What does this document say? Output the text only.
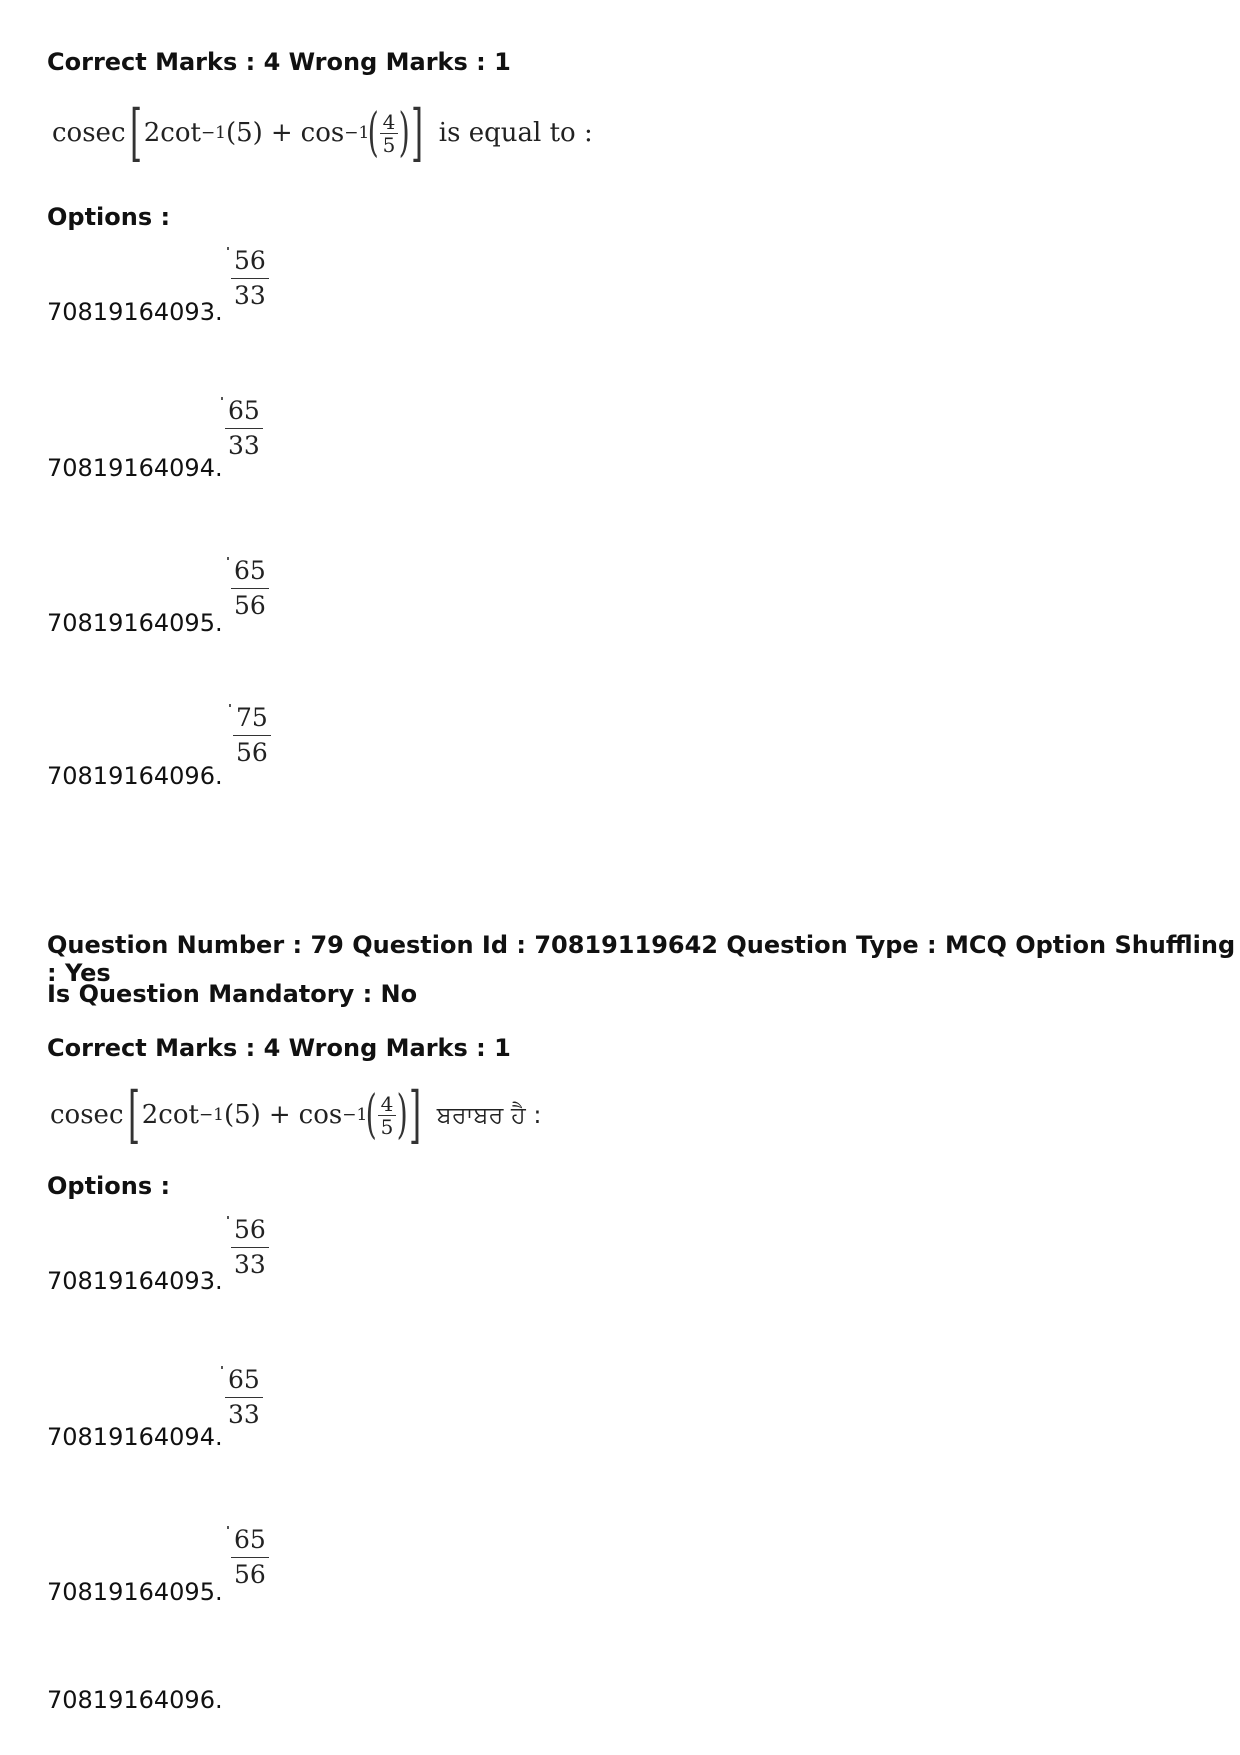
Correct Marks : 4 Wrong Marks : 1
cosec [ 2cot −1 (5) + cos −1
( 4
5 ) ] is equal to :
Options :
70819164093. $\frac{56}{33}$
70819164094.
$\frac{65}{33}$
70819164095. $\frac{65}{56}$
70819164096.
$\frac{75}{56}$
Question Number : 79 Question Id : 70819119642 Question Type : MCQ Option Shuffling : Yes
Is Question Mandatory : No
Correct Marks : 4 Wrong Marks : 1
cosec [ 2cot −1 (5) + cos −1
( 4
5 ) ] ਬਰਾਬਰ ਹੈ :
Options :
70819164093. $\frac{56}{33}$
70819164094.
$\frac{65}{33}$
70819164095. $\frac{65}{56}$
70819164096.
